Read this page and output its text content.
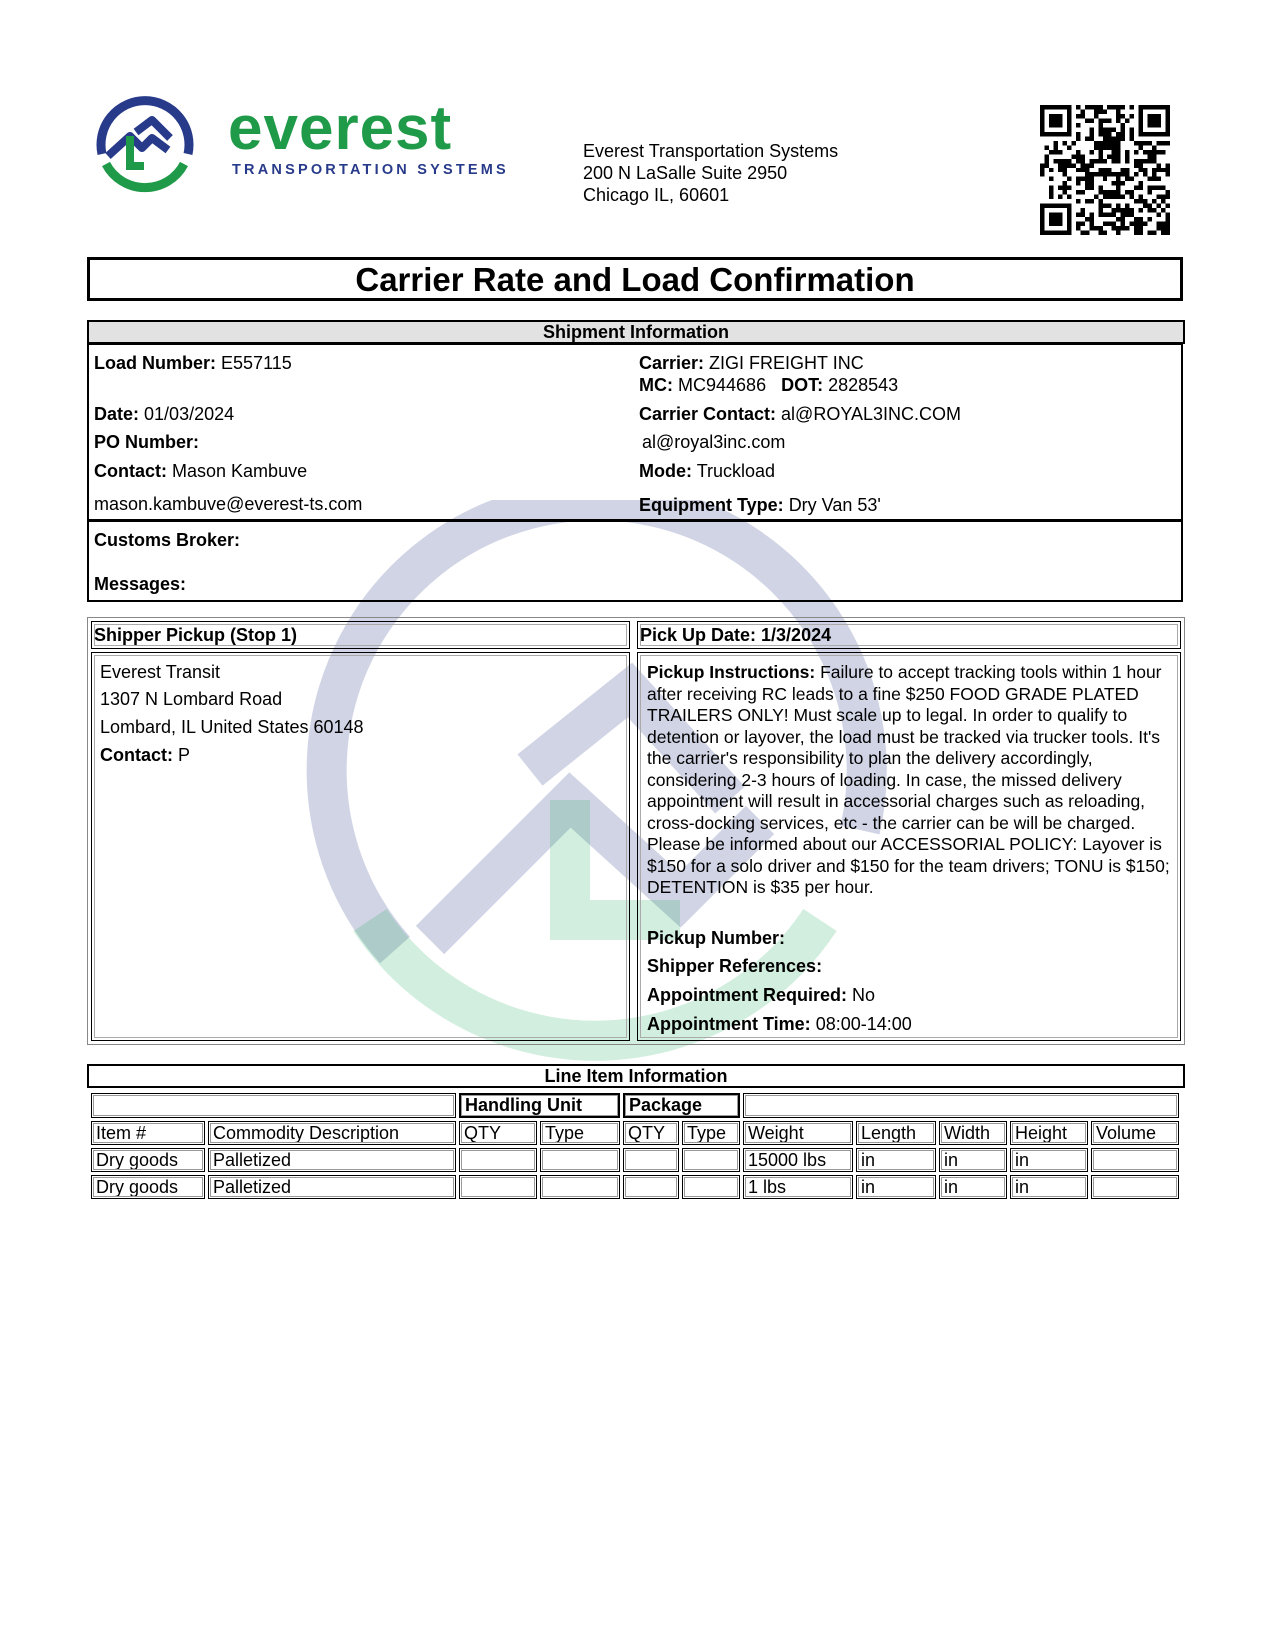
everest
TRANSPORTATION SYSTEMS
Everest Transportation Systems
200 N LaSalle Suite 2950
Chicago IL, 60601
Carrier Rate and Load Confirmation
Shipment Information
Load Number: E557115
Date: 01/03/2024
PO Number:
Contact: Mason Kambuve
mason.kambuve@everest-ts.com
Carrier: ZIGI FREIGHT INC
MC: MC944686 DOT: 2828543
Carrier Contact: al@ROYAL3INC.COM
al@royal3inc.com
Mode: Truckload
Equipment Type: Dry Van 53'
Customs Broker:
Messages:
Shipper Pickup (Stop 1)	Pick Up Date: 1/3/2024
Everest Transit
1307 N Lombard Road
Lombard, IL United States 60148
Contact: P
Pickup Instructions: Failure to accept tracking tools within 1 hour after receiving RC leads to a fine $250 FOOD GRADE PLATED TRAILERS ONLY! Must scale up to legal. In order to qualify to detention or layover, the load must be tracked via trucker tools. It's the carrier's responsibility to plan the delivery accordingly, considering 2-3 hours of loading. In case, the missed delivery appointment will result in accessorial charges such as reloading, cross-docking services, etc - the carrier can be will be charged. Please be informed about our ACCESSORIAL POLICY: Layover is $150 for a solo driver and $150 for the team drivers; TONU is $150; DETENTION is $35 per hour.
Pickup Number:
Shipper References:
Appointment Required: No
Appointment Time: 08:00-14:00
Line Item Information
		Handling Unit		Package						
Item #	Commodity Description	QTY	Type	QTY	Type	Weight	Length	Width	Height	Volume
Dry goods	Palletized					15000 lbs	in	in	in	
Dry goods	Palletized					1 lbs	in	in	in	
